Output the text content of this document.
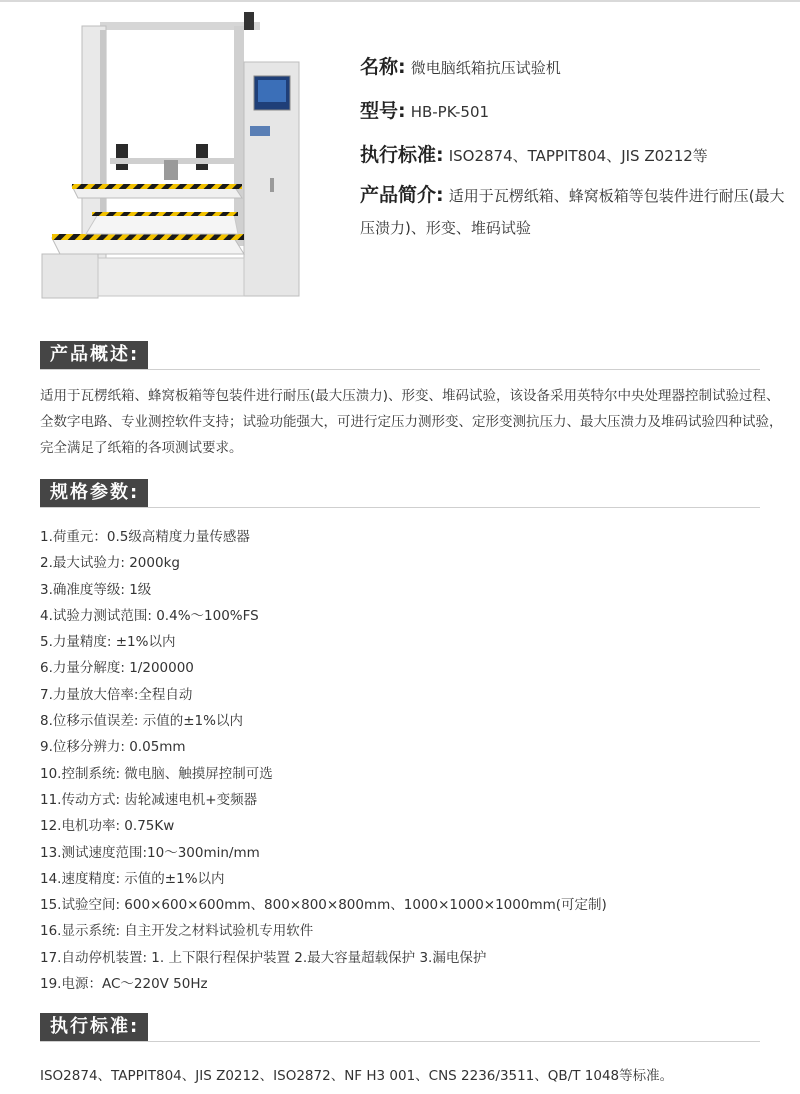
名称: 微电脑纸箱抗压试验机
型号: HB-PK-501
执行标准: ISO2874、TAPPIT804、JIS Z0212等
产品简介: 适用于瓦楞纸箱、蜂窝板箱等包装件进行耐压(最大压溃力)、形变、堆码试验
产品概述:
适用于瓦楞纸箱、蜂窝板箱等包装件进行耐压(最大压溃力)、形变、堆码试验，该设备采用英特尔中央处理器控制试验过程、全数字电路、专业测控软件支持；试验功能强大，可进行定压力测形变、定形变测抗压力、最大压溃力及堆码试验四种试验，完全满足了纸箱的各项测试要求。
规格参数:
1.荷重元：0.5级高精度力量传感器
2.最大试验力: 2000kg
3.确准度等级: 1级
4.试验力测试范围: 0.4%～100%FS
5.力量精度: ±1%以内
6.力量分解度: 1/200000
7.力量放大倍率:全程自动
8.位移示值误差: 示值的±1%以内
9.位移分辨力: 0.05mm
10.控制系统: 微电脑、触摸屏控制可选
11.传动方式: 齿轮减速电机+变频器
12.电机功率: 0.75Kw
13.测试速度范围:10～300min/mm
14.速度精度: 示值的±1%以内
15.试验空间: 600×600×600mm、800×800×800mm、1000×1000×1000mm(可定制)
16.显示系统: 自主开发之材料试验机专用软件
17.自动停机装置: 1. 上下限行程保护装置 2.最大容量超载保护 3.漏电保护
19.电源：AC～220V 50Hz
执行标准:
ISO2874、TAPPIT804、JIS Z0212、ISO2872、NF H3 001、CNS 2236/3511、QB/T 1048等标准。
